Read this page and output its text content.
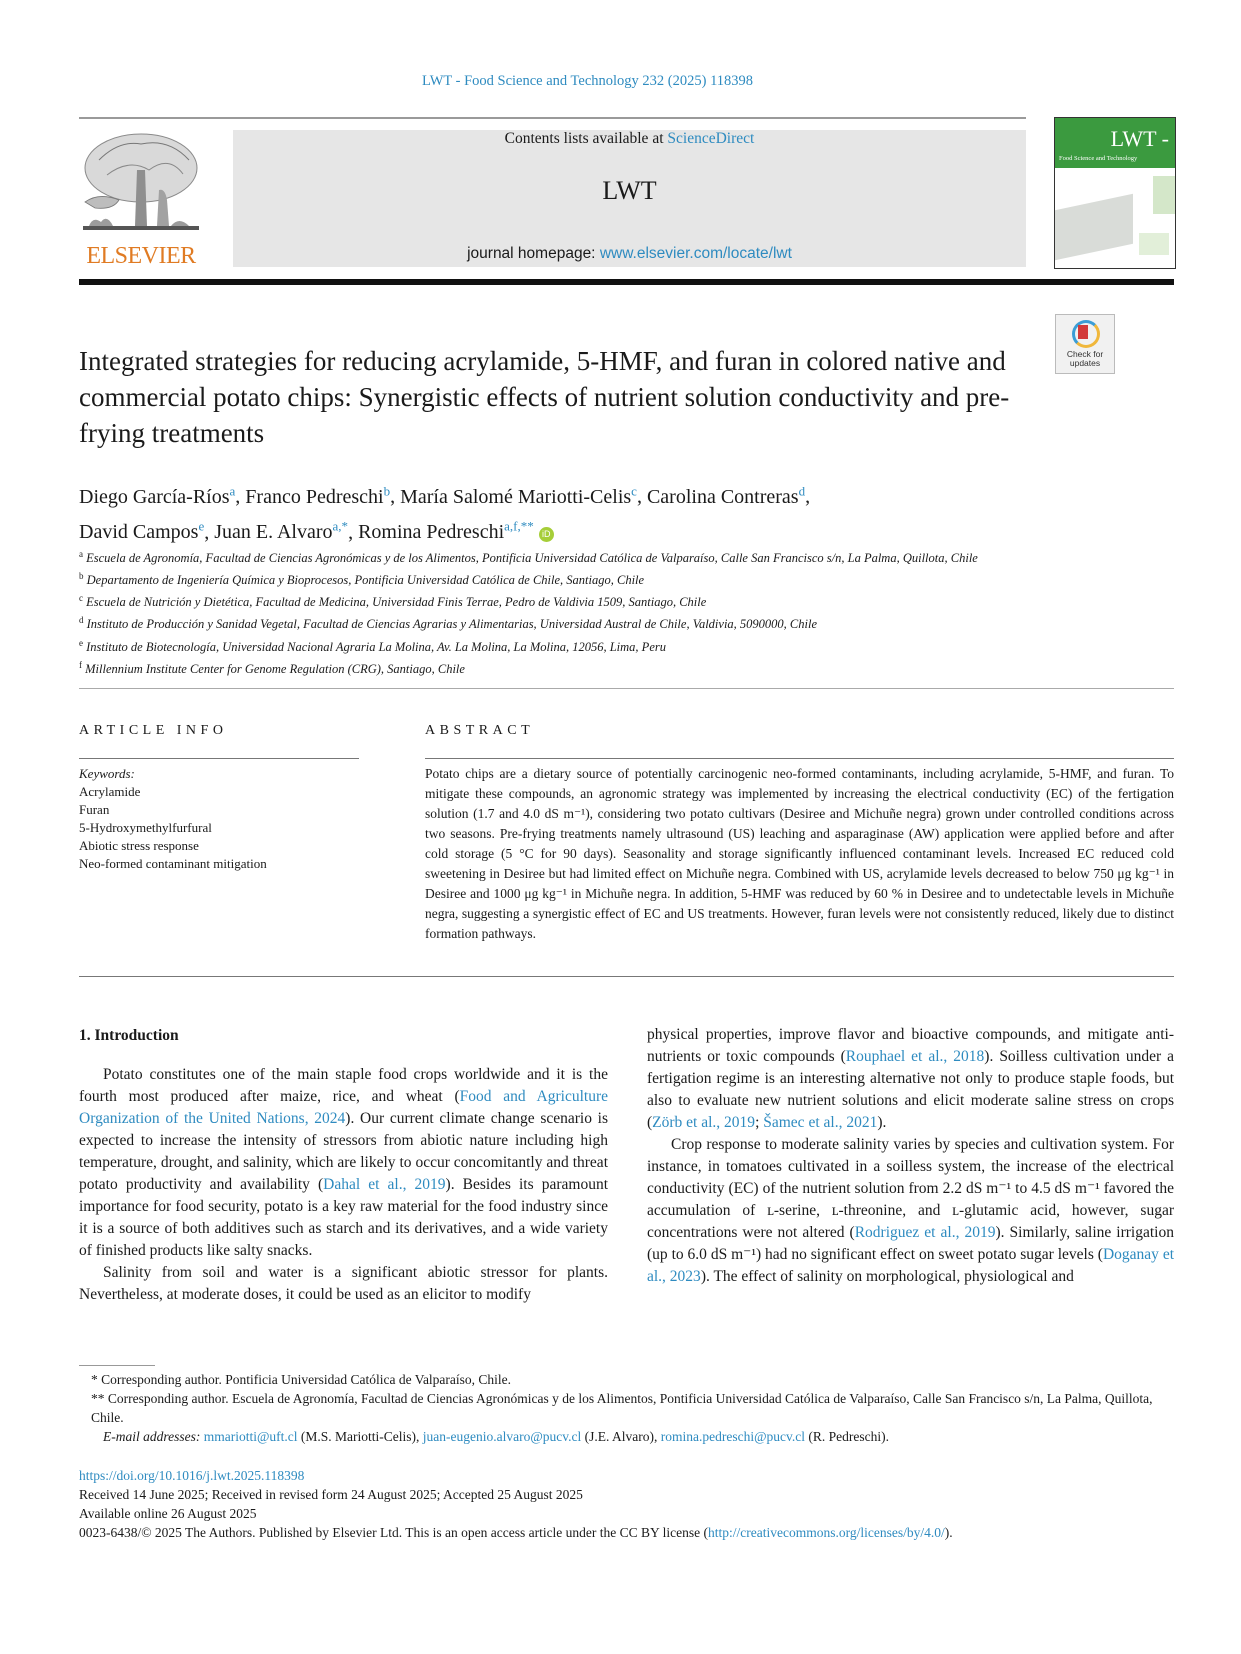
LWT - Food Science and Technology 232 (2025) 118398
ELSEVIER
Contents lists available at ScienceDirect
LWT
journal homepage: www.elsevier.com/locate/lwt
LWT -
Food Science and Technology
Check for
updates
Integrated strategies for reducing acrylamide, 5-HMF, and furan in colored native and commercial potato chips: Synergistic effects of nutrient solution conductivity and pre-frying treatments
Diego García-Ríos$^a$, Franco Pedreschi$^b$, María Salomé Mariotti-Celis$^c$, Carolina Contreras$^d$,
David Campos$^e$, Juan E. Alvaro$^{a,*}$, Romina Pedreschi$^{a,f,**}$ iD
$^a$ Escuela de Agronomía, Facultad de Ciencias Agronómicas y de los Alimentos, Pontificia Universidad Católica de Valparaíso, Calle San Francisco s/n, La Palma, Quillota, Chile
$^b$ Departamento de Ingeniería Química y Bioprocesos, Pontificia Universidad Católica de Chile, Santiago, Chile
$^c$ Escuela de Nutrición y Dietética, Facultad de Medicina, Universidad Finis Terrae, Pedro de Valdivia 1509, Santiago, Chile
$^d$ Instituto de Producción y Sanidad Vegetal, Facultad de Ciencias Agrarias y Alimentarias, Universidad Austral de Chile, Valdivia, 5090000, Chile
$^e$ Instituto de Biotecnología, Universidad Nacional Agraria La Molina, Av. La Molina, La Molina, 12056, Lima, Peru
$^f$ Millennium Institute Center for Genome Regulation (CRG), Santiago, Chile
ARTICLE INFO	ABSTRACT
Keywords:
Acrylamide
Furan
5-Hydroxymethylfurfural
Abiotic stress response
Neo-formed contaminant mitigation
Potato chips are a dietary source of potentially carcinogenic neo-formed contaminants, including acrylamide, 5-HMF, and furan. To mitigate these compounds, an agronomic strategy was implemented by increasing the electrical conductivity (EC) of the fertigation solution (1.7 and 4.0 dS m⁻¹), considering two potato cultivars (Desiree and Michuñe negra) grown under controlled conditions across two seasons. Pre-frying treatments namely ultrasound (US) leaching and asparaginase (AW) application were applied before and after cold storage (5 °C for 90 days). Seasonality and storage significantly influenced contaminant levels. Increased EC reduced cold sweetening in Desiree but had limited effect on Michuñe negra. Combined with US, acrylamide levels decreased to below 750 μg kg⁻¹ in Desiree and 1000 μg kg⁻¹ in Michuñe negra. In addition, 5-HMF was reduced by 60 % in Desiree and to undetectable levels in Michuñe negra, suggesting a synergistic effect of EC and US treatments. However, furan levels were not consistently reduced, likely due to distinct formation pathways.
1. Introduction

Potato constitutes one of the main staple food crops worldwide and it is the fourth most produced after maize, rice, and wheat (Food and Agriculture Organization of the United Nations, 2024). Our current climate change scenario is expected to increase the intensity of stressors from abiotic nature including high temperature, drought, and salinity, which are likely to occur concomitantly and threat potato productivity and availability (Dahal et al., 2019). Besides its paramount importance for food security, potato is a key raw material for the food industry since it is a source of both additives such as starch and its derivatives, and a wide variety of finished products like salty snacks.

Salinity from soil and water is a significant abiotic stressor for plants. Nevertheless, at moderate doses, it could be used as an elicitor to modify

physical properties, improve flavor and bioactive compounds, and mitigate anti-nutrients or toxic compounds (Rouphael et al., 2018). Soilless cultivation under a fertigation regime is an interesting alternative not only to produce staple foods, but also to evaluate new nutrient solutions and elicit moderate saline stress on crops (Zörb et al., 2019; Šamec et al., 2021).

Crop response to moderate salinity varies by species and cultivation system. For instance, in tomatoes cultivated in a soilless system, the increase of the electrical conductivity (EC) of the nutrient solution from 2.2 dS m⁻¹ to 4.5 dS m⁻¹ favored the accumulation of ʟ-serine, ʟ-threonine, and ʟ-glutamic acid, however, sugar concentrations were not altered (Rodriguez et al., 2019). Similarly, saline irrigation (up to 6.0 dS m⁻¹) had no significant effect on sweet potato sugar levels (Doganay et al., 2023). The effect of salinity on morphological, physiological and

* Corresponding author. Pontificia Universidad Católica de Valparaíso, Chile.

** Corresponding author. Escuela de Agronomía, Facultad de Ciencias Agronómicas y de los Alimentos, Pontificia Universidad Católica de Valparaíso, Calle San Francisco s/n, La Palma, Quillota, Chile.

E-mail addresses: mmariotti@uft.cl (M.S. Mariotti-Celis), juan-eugenio.alvaro@pucv.cl (J.E. Alvaro), romina.pedreschi@pucv.cl (R. Pedreschi).

https://doi.org/10.1016/j.lwt.2025.118398

Received 14 June 2025; Received in revised form 24 August 2025; Accepted 25 August 2025

Available online 26 August 2025

0023-6438/© 2025 The Authors. Published by Elsevier Ltd. This is an open access article under the CC BY license (http://creativecommons.org/licenses/by/4.0/).
